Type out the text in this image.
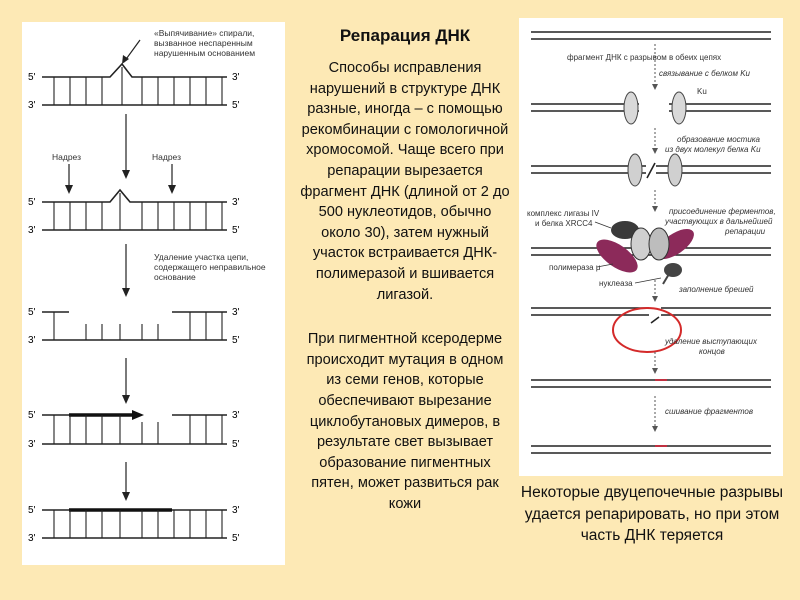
5'	3'
3'	5'
«Выпячивание» спирали, вызванное неспаренным нарушенным основанием
Надрез	Надрез
5'	3'
3'	5'
Удаление участка цепи, содержащего неправильное основание
5'	3'
3'	5'
5'	3'
3'	5'
5'	3'
3'	5'
Репарация ДНК

Способы исправления нарушений в структуре ДНК разные, иногда – с помощью рекомбинации с гомологичной хромосомой. Чаще всего при репарации вырезается фрагмент ДНК (длиной от 2 до 500 нуклеотидов, обычно около 30), затем нужный участок встраивается ДНК-полимеразой и вшивается лигазой.

При пигментной ксеродерме происходит мутация в одном из семи генов, которые обеспечивают вырезание циклобутановых димеров, в результате свет вызывает образование пигментных пятен, может развиться рак кожи

фрагмент ДНК с разрывом в обеих цепях
связывание с белком Ku
Ku
образование мостика из двух молекул белка Ku
присоединение ферментов, участвующих в дальнейшей репарации
комплекс лигазы IV и белка XRCC4
полимераза μ
нуклеаза
заполнение брешей
удаление выступающих концов
сшивание фрагментов
Некоторые двуцепочечные разрывы удается репарировать, но при этом часть ДНК теряется
